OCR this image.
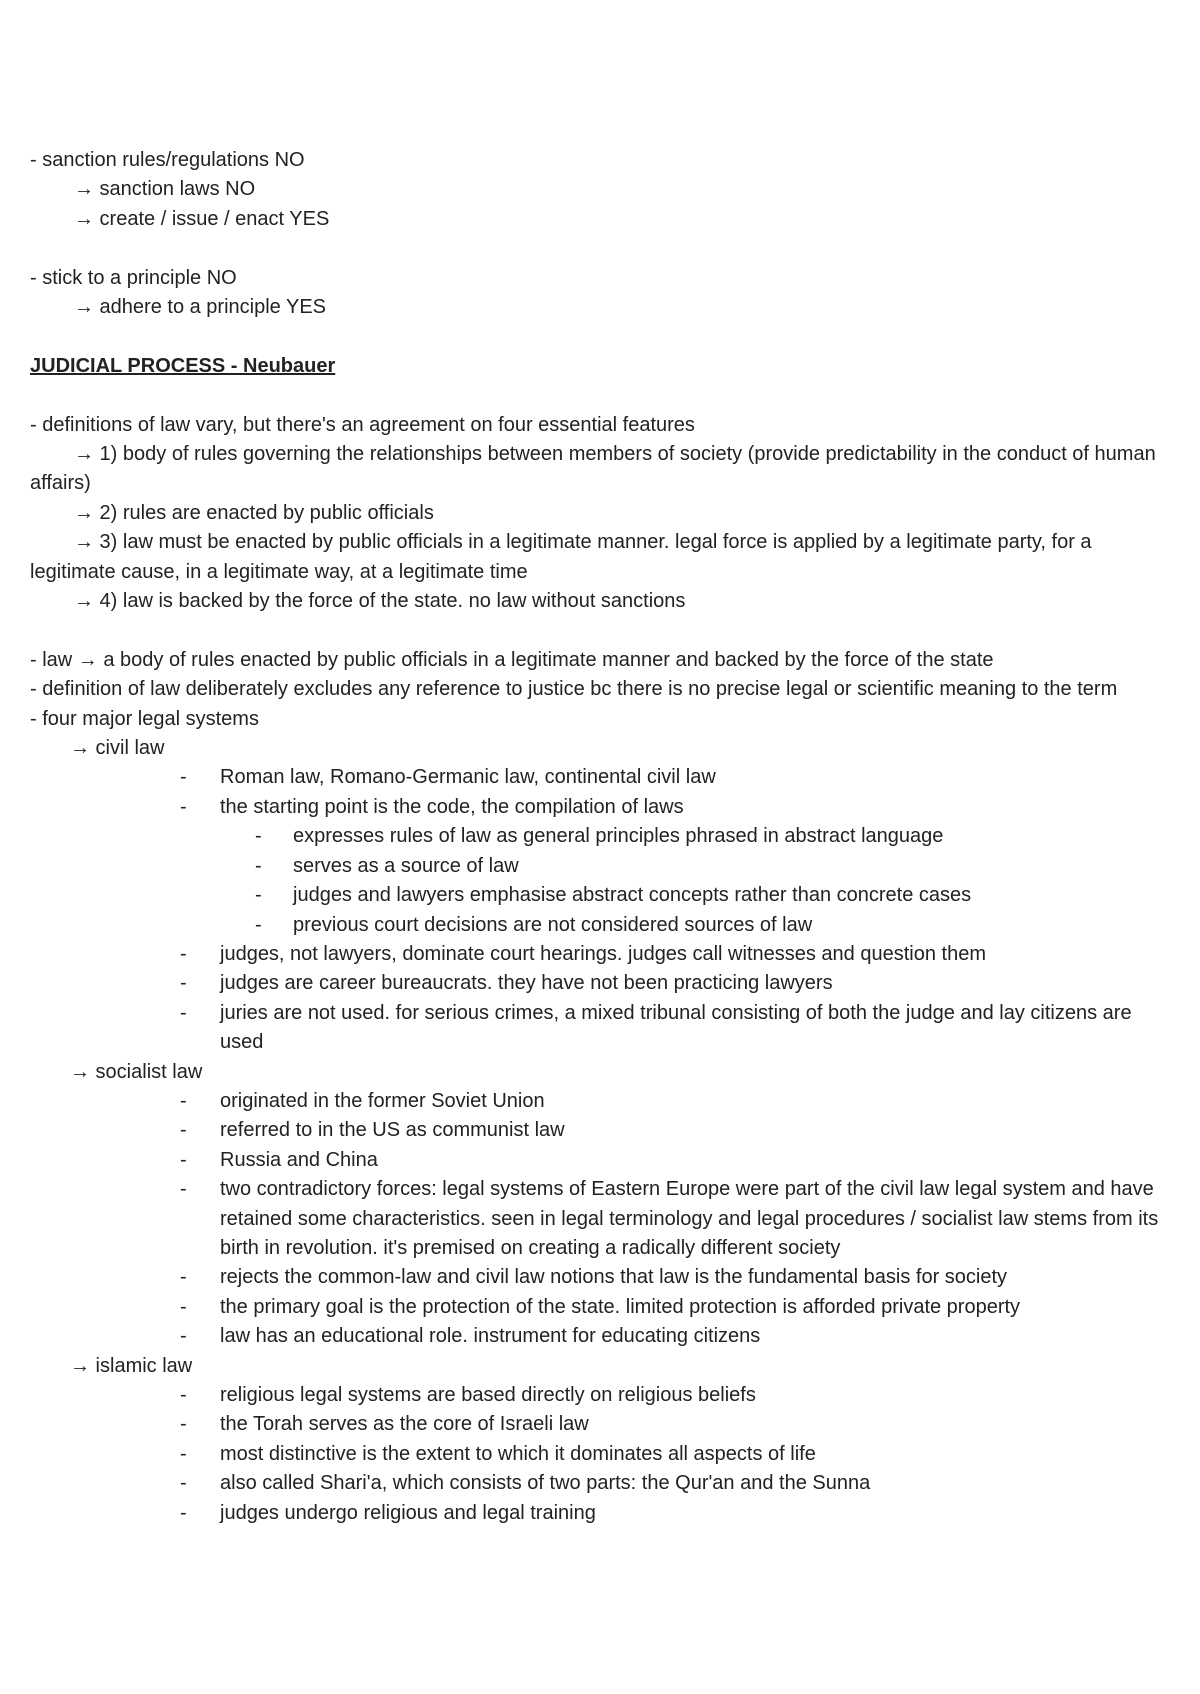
- sanction rules/regulations NO
→ sanction laws NO
→ create / issue / enact YES
- stick to a principle NO
→ adhere to a principle YES
JUDICIAL PROCESS - Neubauer
- definitions of law vary, but there's an agreement on four essential features
→ 1) body of rules governing the relationships between members of society (provide predictability in the conduct of human affairs)
→ 2) rules are enacted by public officials
→ 3) law must be enacted by public officials in a legitimate manner. legal force is applied by a legitimate party, for a legitimate cause, in a legitimate way, at a legitimate time
→ 4) law is backed by the force of the state. no law without sanctions
- law → a body of rules enacted by public officials in a legitimate manner and backed by the force of the state
- definition of law deliberately excludes any reference to justice bc there is no precise legal or scientific meaning to the term
- four major legal systems
→ civil law
- Roman law, Romano-Germanic law, continental civil law
- the starting point is the code, the compilation of laws
- expresses rules of law as general principles phrased in abstract language
- serves as a source of law
- judges and lawyers emphasise abstract concepts rather than concrete cases
- previous court decisions are not considered sources of law
- judges, not lawyers, dominate court hearings. judges call witnesses and question them
- judges are career bureaucrats. they have not been practicing lawyers
- juries are not used. for serious crimes, a mixed tribunal consisting of both the judge and lay citizens are used
→ socialist law
- originated in the former Soviet Union
- referred to in the US as communist law
- Russia and China
- two contradictory forces: legal systems of Eastern Europe were part of the civil law legal system and have retained some characteristics. seen in legal terminology and legal procedures / socialist law stems from its birth in revolution. it's premised on creating a radically different society
- rejects the common-law and civil law notions that law is the fundamental basis for society
- the primary goal is the protection of the state. limited protection is afforded private property
- law has an educational role. instrument for educating citizens
→ islamic law
- religious legal systems are based directly on religious beliefs
- the Torah serves as the core of Israeli law
- most distinctive is the extent to which it dominates all aspects of life
- also called Shari'a, which consists of two parts: the Qur'an and the Sunna
- judges undergo religious and legal training
